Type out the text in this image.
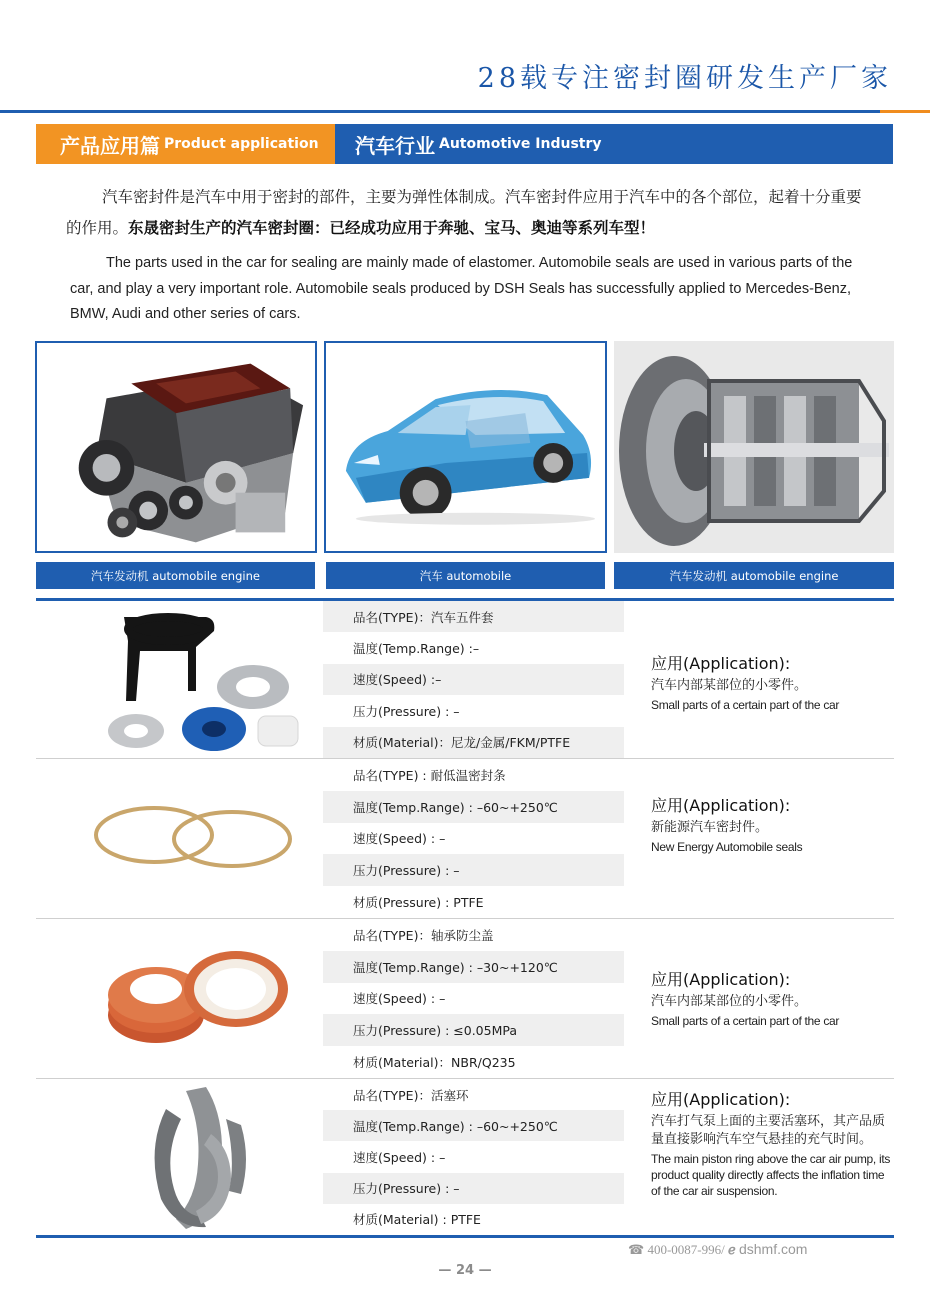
28载专注密封圈研发生产厂家
产品应用篇 Product application 汽车行业 Automotive Industry

汽车密封件是汽车中用于密封的部件，主要为弹性体制成。汽车密封件应用于汽车中的各个部位，起着十分重要的作用。东晟密封生产的汽车密封圈：已经成功应用于奔驰、宝马、奥迪等系列车型！

The parts used in the car for sealing are mainly made of elastomer. Automobile seals are used in various parts of the car, and play a very important role. Automobile seals produced by DSH Seals has successfully applied to Mercedes-Benz, BMW, Audi and other series of cars.

汽车发动机
automobile engine	汽车
automobile	汽车发动机
automobile engine
品名(TYPE)：汽车五件套
温度(Temp.Range) :–
速度(Speed) :–
压力(Pressure) : –
材质(Material)：尼龙/金属/FKM/PTFE
应用(Application):
汽车内部某部位的小零件。
Small parts of a certain part of the car
品名(TYPE) : 耐低温密封条
温度(Temp.Range) : –60~+250℃
速度(Speed) : –
压力(Pressure) : –
材质(Pressure) : PTFE
应用(Application):
新能源汽车密封件。
New Energy Automobile seals
品名(TYPE)：轴承防尘盖
温度(Temp.Range) : –30~+120℃
速度(Speed) : –
压力(Pressure) : ≤0.05MPa
材质(Material)：NBR/Q235
应用(Application):
汽车内部某部位的小零件。
Small parts of a certain part of the car
品名(TYPE)：活塞环
温度(Temp.Range) : –60~+250℃
速度(Speed) : –
压力(Pressure) : –
材质(Material) : PTFE
应用(Application):
汽车打气泵上面的主要活塞环，其产品质量直接影响汽车空气悬挂的充气时间。
The main piston ring above the car air pump, its product quality directly affects the inflation time of the car air suspension.
☎ 400-0087-996/ ℯ dshmf.com
— 24 —
